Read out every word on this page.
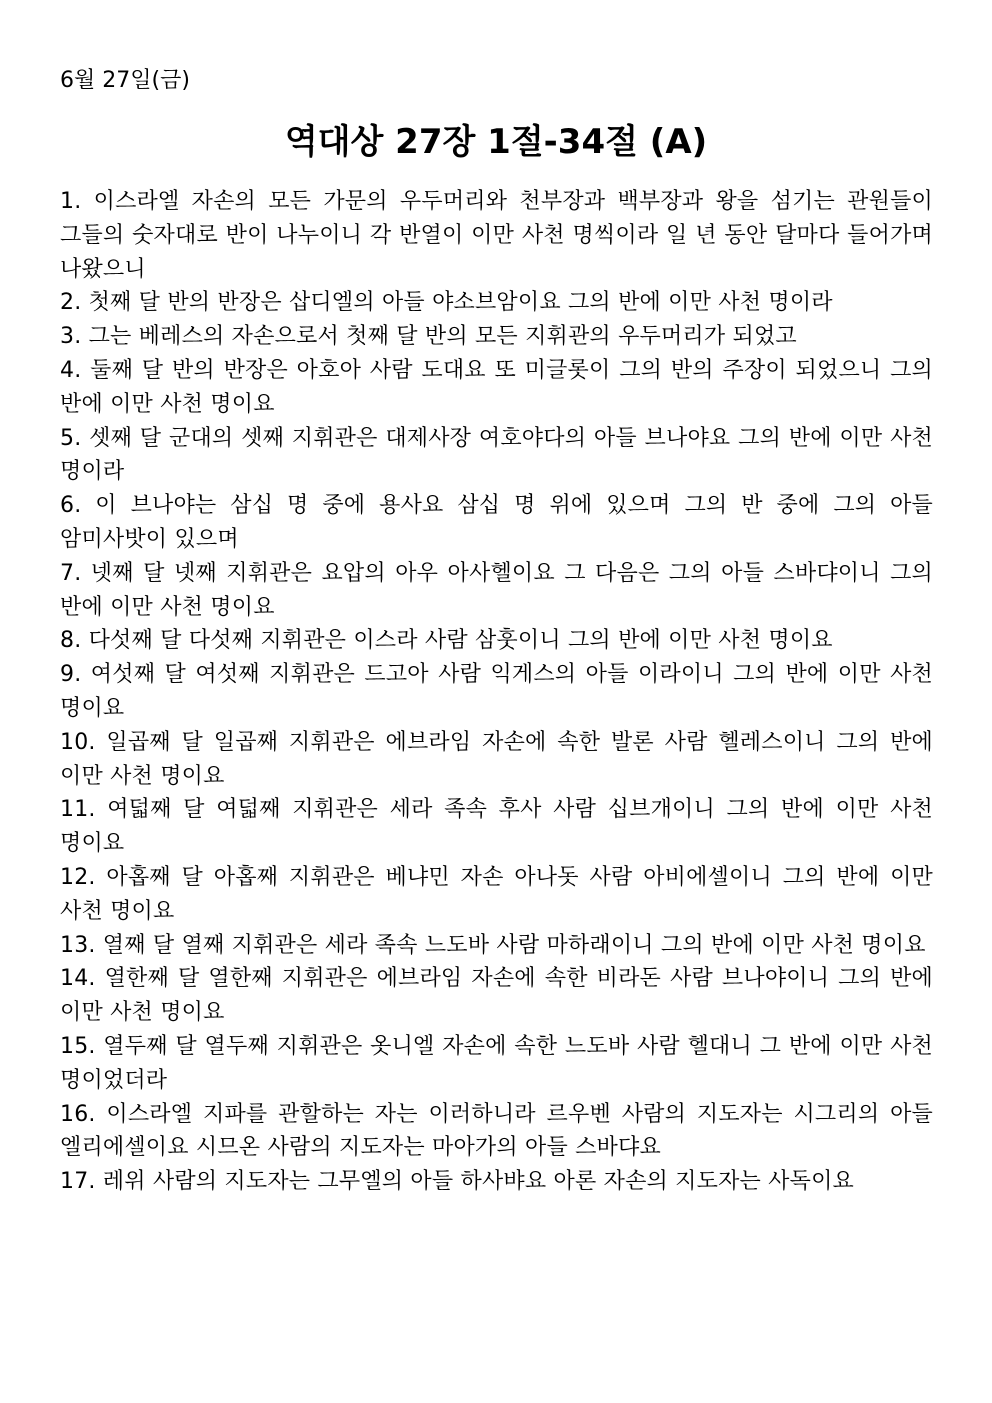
6월 27일(금)
역대상 27장 1절-34절 (A)

1. 이스라엘 자손의 모든 가문의 우두머리와 천부장과 백부장과 왕을 섬기는 관원들이 그들의 숫자대로 반이 나누이니 각 반열이 이만 사천 명씩이라 일 년 동안 달마다 들어가며 나왔으니

2. 첫째 달 반의 반장은 삽디엘의 아들 야소브암이요 그의 반에 이만 사천 명이라

3. 그는 베레스의 자손으로서 첫째 달 반의 모든 지휘관의 우두머리가 되었고

4. 둘째 달 반의 반장은 아호아 사람 도대요 또 미글롯이 그의 반의 주장이 되었으니 그의 반에 이만 사천 명이요

5. 셋째 달 군대의 셋째 지휘관은 대제사장 여호야다의 아들 브나야요 그의 반에 이만 사천 명이라

6. 이 브나야는 삼십 명 중에 용사요 삼십 명 위에 있으며 그의 반 중에 그의 아들 암미사밧이 있으며

7. 넷째 달 넷째 지휘관은 요압의 아우 아사헬이요 그 다음은 그의 아들 스바댜이니 그의 반에 이만 사천 명이요

8. 다섯째 달 다섯째 지휘관은 이스라 사람 삼훗이니 그의 반에 이만 사천 명이요

9. 여섯째 달 여섯째 지휘관은 드고아 사람 익게스의 아들 이라이니 그의 반에 이만 사천 명이요

10. 일곱째 달 일곱째 지휘관은 에브라임 자손에 속한 발론 사람 헬레스이니 그의 반에 이만 사천 명이요

11. 여덟째 달 여덟째 지휘관은 세라 족속 후사 사람 십브개이니 그의 반에 이만 사천 명이요

12. 아홉째 달 아홉째 지휘관은 베냐민 자손 아나돗 사람 아비에셀이니 그의 반에 이만 사천 명이요

13. 열째 달 열째 지휘관은 세라 족속 느도바 사람 마하래이니 그의 반에 이만 사천 명이요

14. 열한째 달 열한째 지휘관은 에브라임 자손에 속한 비라돈 사람 브나야이니 그의 반에 이만 사천 명이요

15. 열두째 달 열두째 지휘관은 옷니엘 자손에 속한 느도바 사람 헬대니 그 반에 이만 사천 명이었더라

16. 이스라엘 지파를 관할하는 자는 이러하니라 르우벤 사람의 지도자는 시그리의 아들 엘리에셀이요 시므온 사람의 지도자는 마아가의 아들 스바댜요

17. 레위 사람의 지도자는 그무엘의 아들 하사뱌요 아론 자손의 지도자는 사독이요
